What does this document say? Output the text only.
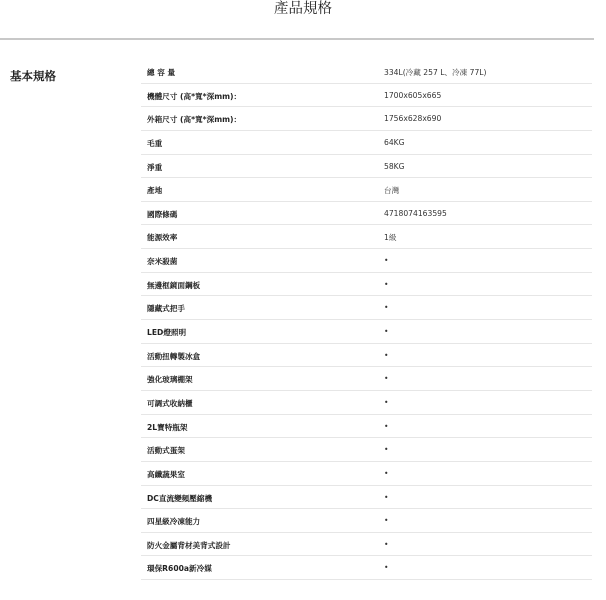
產品規格
基本規格	總 容 量	334L(冷藏 257 L、冷凍 77L)
機體尺寸 (高*寬*深mm)：	1700x605x665
外箱尺寸 (高*寬*深mm)：	1756x628x690
毛重	64KG
淨重	58KG
產地	台灣
國際條碼	4718074163595
能源效率	1級
奈米殺菌	•
無邊框鏡面鋼板	•
隱藏式把手	•
LED燈照明	•
活動扭轉製冰盒	•
強化玻璃棚架	•
可調式收納櫃	•
2L寶特瓶架	•
活動式蛋架	•
高纖蔬果室	•
DC直流變頻壓縮機	•
四星級冷凍能力	•
防火金屬背材美背式設計	•
環保R600a新冷媒	•
